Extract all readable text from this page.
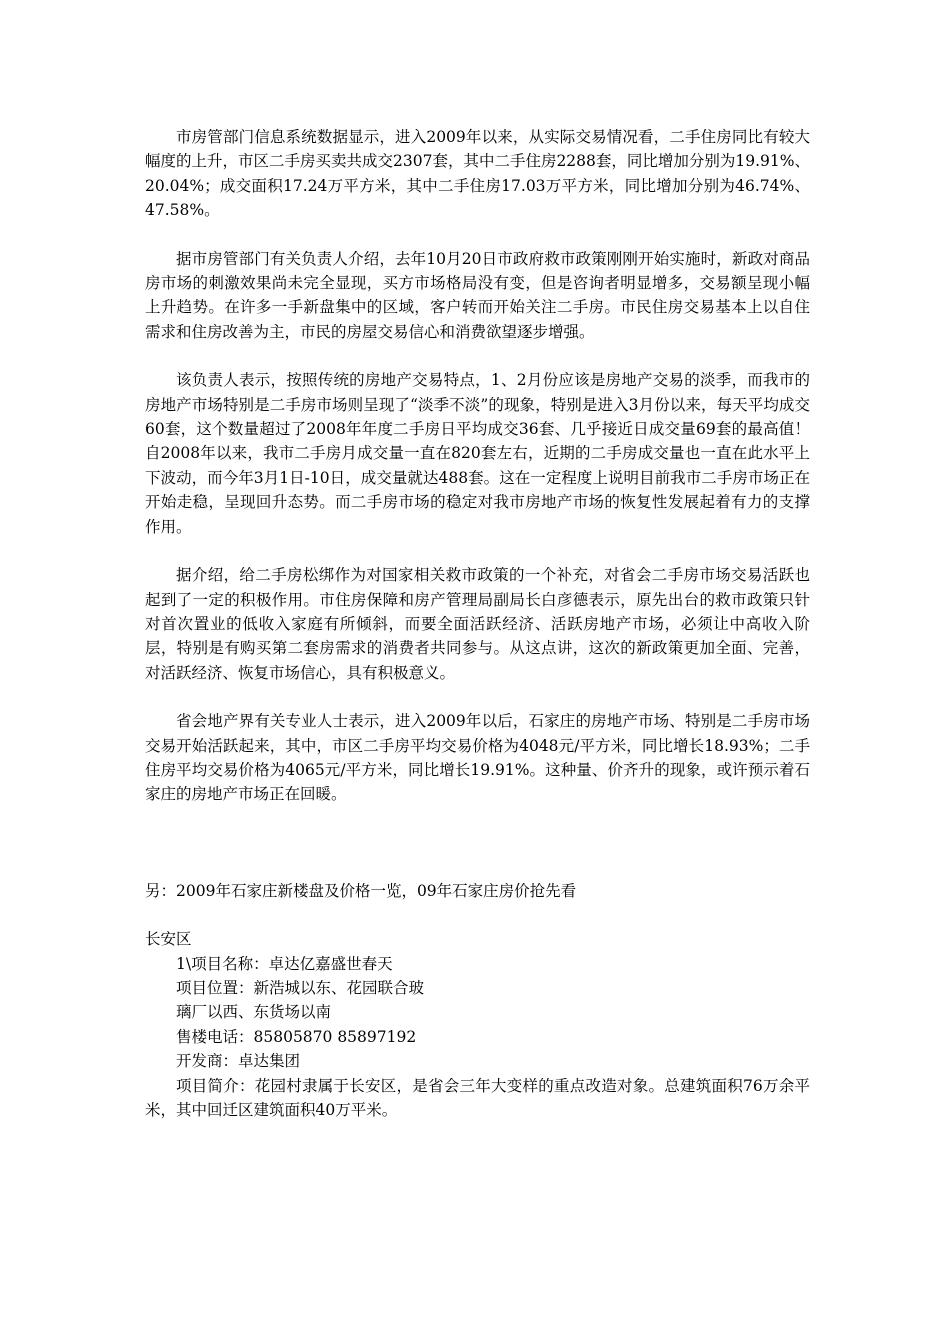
市房管部门信息系统数据显示，进入2009年以来，从实际交易情况看，二手住房同比有较大幅度的上升，市区二手房买卖共成交2307套，其中二手住房2288套，同比增加分别为19.91%、20.04%；成交面积17.24万平方米，其中二手住房17.03万平方米，同比增加分别为46.74%、47.58%。

据市房管部门有关负责人介绍，去年10月20日市政府救市政策刚刚开始实施时，新政对商品房市场的刺激效果尚未完全显现，买方市场格局没有变，但是咨询者明显增多，交易额呈现小幅上升趋势。在许多一手新盘集中的区域，客户转而开始关注二手房。市民住房交易基本上以自住需求和住房改善为主，市民的房屋交易信心和消费欲望逐步增强。

该负责人表示，按照传统的房地产交易特点，1、2月份应该是房地产交易的淡季，而我市的房地产市场特别是二手房市场则呈现了“淡季不淡”的现象，特别是进入3月份以来，每天平均成交60套，这个数量超过了2008年年度二手房日平均成交36套、几乎接近日成交量69套的最高值！自2008年以来，我市二手房月成交量一直在820套左右，近期的二手房成交量也一直在此水平上下波动，而今年3月1日-10日，成交量就达488套。这在一定程度上说明目前我市二手房市场正在开始走稳，呈现回升态势。而二手房市场的稳定对我市房地产市场的恢复性发展起着有力的支撑作用。

据介绍，给二手房松绑作为对国家相关救市政策的一个补充，对省会二手房市场交易活跃也起到了一定的积极作用。市住房保障和房产管理局副局长白彦德表示，原先出台的救市政策只针对首次置业的低收入家庭有所倾斜，而要全面活跃经济、活跃房地产市场，必须让中高收入阶层，特别是有购买第二套房需求的消费者共同参与。从这点讲，这次的新政策更加全面、完善，对活跃经济、恢复市场信心，具有积极意义。

省会地产界有关专业人士表示，进入2009年以后，石家庄的房地产市场、特别是二手房市场交易开始活跃起来，其中，市区二手房平均交易价格为4048元/平方米，同比增长18.93%；二手住房平均交易价格为4065元/平方米，同比增长19.91%。这种量、价齐升的现象，或许预示着石家庄的房地产市场正在回暖。

另：2009年石家庄新楼盘及价格一览，09年石家庄房价抢先看

长安区

1\项目名称：卓达亿嘉盛世春天

项目位置：新浩城以东、花园联合玻

璃厂以西、东货场以南

售楼电话：85805870 85897192

开发商：卓达集团

项目简介：花园村隶属于长安区，是省会三年大变样的重点改造对象。总建筑面积76万余平米，其中回迁区建筑面积40万平米。
